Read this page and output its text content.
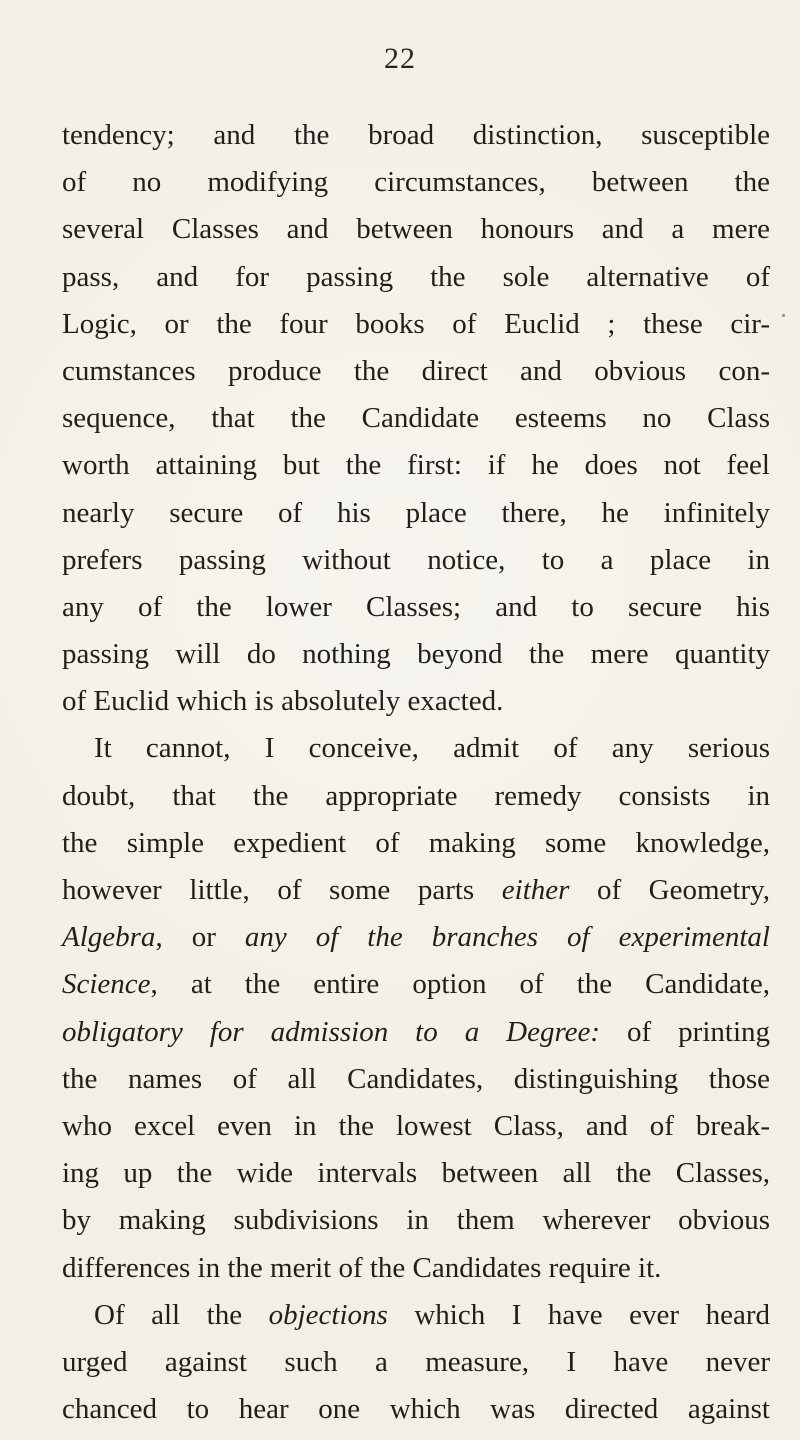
22
tendency; and the broad distinction, susceptible
of no modifying circumstances, between the
several Classes and between honours and a mere
pass, and for passing the sole alternative of
Logic, or the four books of Euclid ; these cir-
cumstances produce the direct and obvious con-
sequence, that the Candidate esteems no Class
worth attaining but the first: if he does not feel
nearly secure of his place there, he infinitely
prefers passing without notice, to a place in
any of the lower Classes; and to secure his
passing will do nothing beyond the mere quantity
of Euclid which is absolutely exacted.
It cannot, I conceive, admit of any serious
doubt, that the appropriate remedy consists in
the simple expedient of making some knowledge,
however little, of some parts either of Geometry,
Algebra, or any of the branches of experimental
Science, at the entire option of the Candidate,
obligatory for admission to a Degree: of printing
the names of all Candidates, distinguishing those
who excel even in the lowest Class, and of break-
ing up the wide intervals between all the Classes,
by making subdivisions in them wherever obvious
differences in the merit of the Candidates require it.
Of all the objections which I have ever heard
urged against such a measure, I have never
chanced to hear one which was directed against
